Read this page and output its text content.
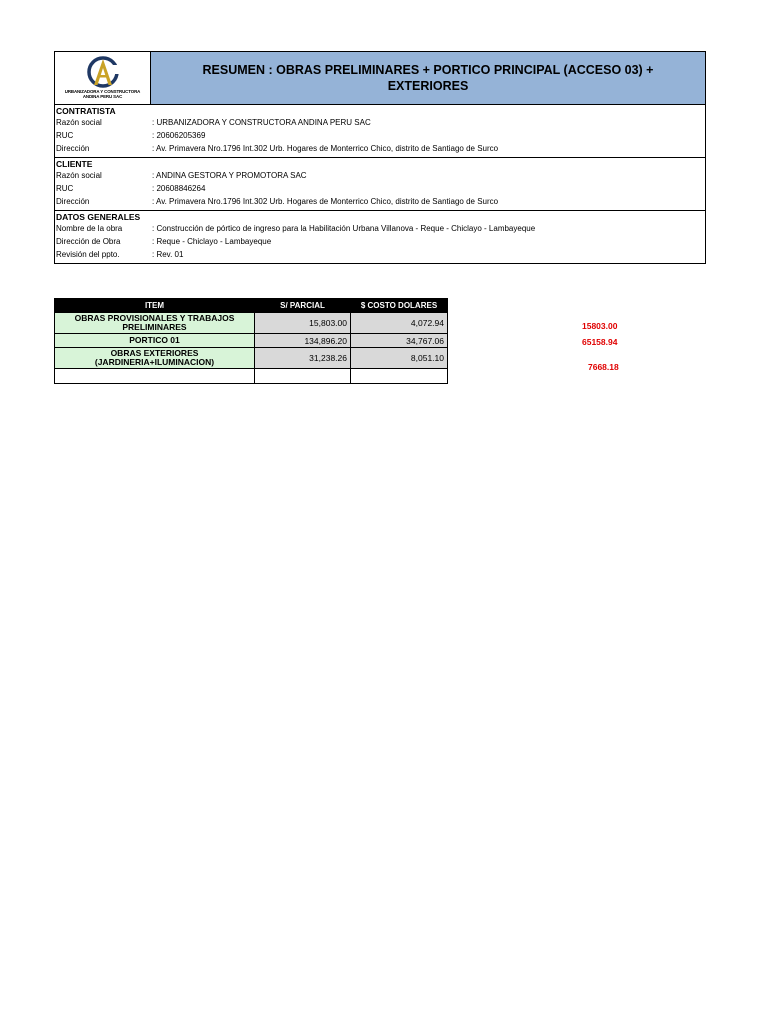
URBANIZADORA Y CONSTRUCTORA
ANDINA PERU SAC
RESUMEN : OBRAS PRELIMINARES + PORTICO PRINCIPAL (ACCESO 03) + EXTERIORES
CONTRATISTA
Razón social	: URBANIZADORA Y CONSTRUCTORA ANDINA PERU SAC
RUC	: 20606205369
Dirección	: Av. Primavera Nro.1796 Int.302 Urb. Hogares de Monterrico Chico, distrito de Santiago de Surco
CLIENTE
Razón social	: ANDINA GESTORA Y PROMOTORA SAC
RUC	: 20608846264
Dirección	: Av. Primavera Nro.1796 Int.302 Urb. Hogares de Monterrico Chico, distrito de Santiago de Surco
DATOS GENERALES
Nombre de la obra	: Construcción de pórtico de ingreso para la Habilitación Urbana Villanova - Reque - Chiclayo - Lambayeque
Dirección de Obra	: Reque - Chiclayo - Lambayeque
Revisión del ppto.	: Rev. 01
ITEM	S/ PARCIAL	$ COSTO DOLARES
OBRAS PROVISIONALES Y TRABAJOS PRELIMINARES	15,803.00	4,072.94
PORTICO 01	134,896.20	34,767.06
OBRAS EXTERIORES (JARDINERIA+ILUMINACION)	31,238.26	8,051.10

15803.00
65158.94
7668.18
